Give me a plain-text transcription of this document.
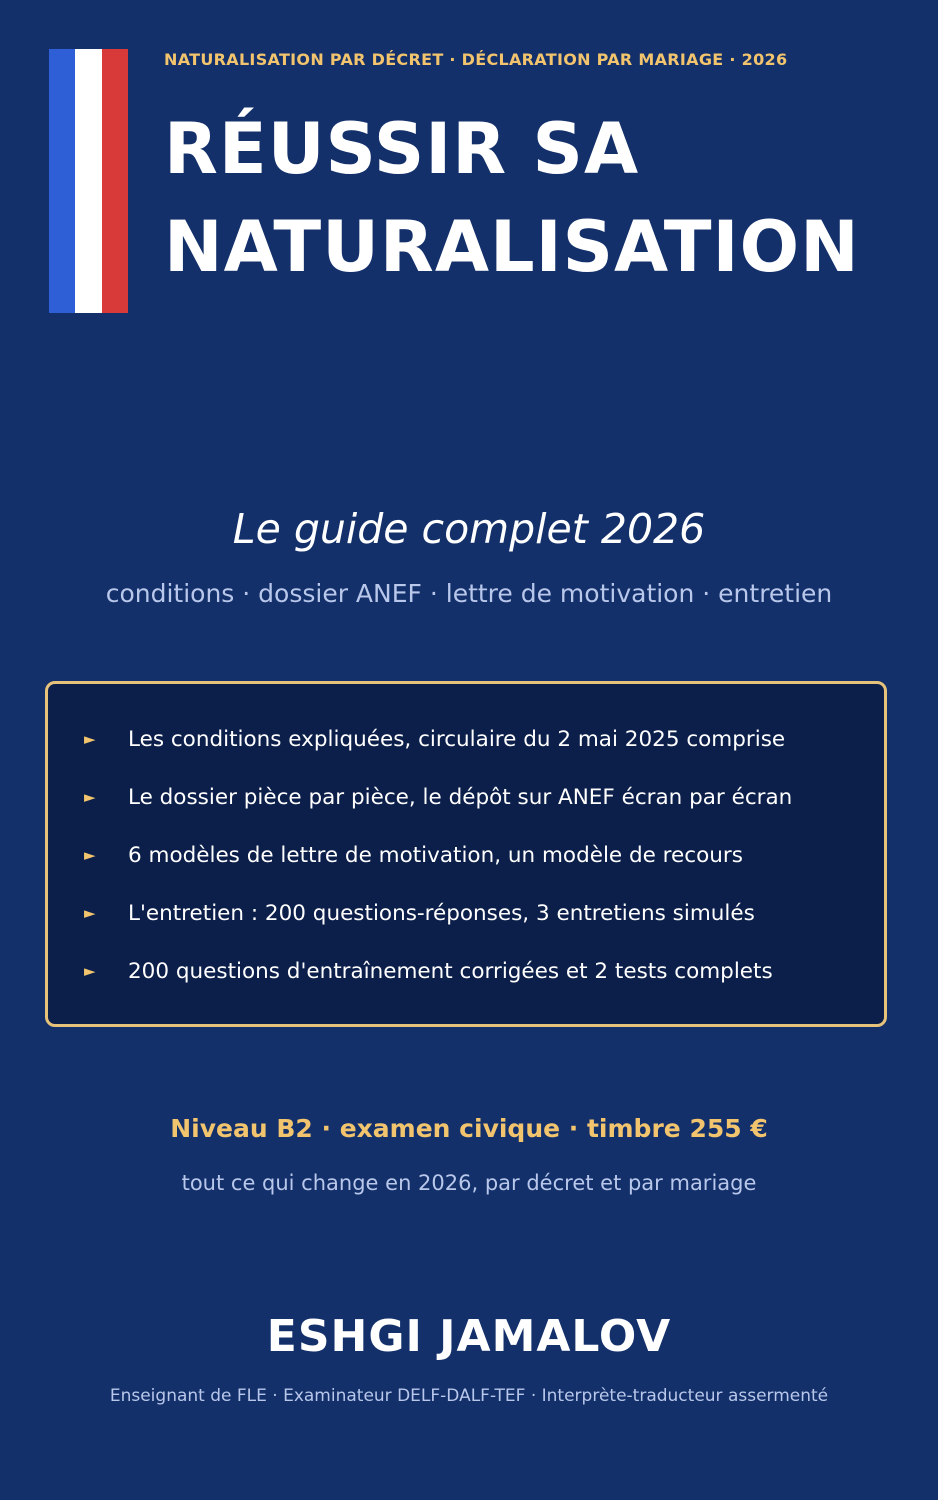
NATURALISATION PAR DÉCRET · DÉCLARATION PAR MARIAGE · 2026
RÉUSSIR SA
NATURALISATION
Le guide complet 2026
conditions · dossier ANEF · lettre de motivation · entretien
► Les conditions expliquées, circulaire du 2 mai 2025 comprise
► Le dossier pièce par pièce, le dépôt sur ANEF écran par écran
► 6 modèles de lettre de motivation, un modèle de recours
► L'entretien : 200 questions-réponses, 3 entretiens simulés
► 200 questions d'entraînement corrigées et 2 tests complets
Niveau B2 · examen civique · timbre 255 €
tout ce qui change en 2026, par décret et par mariage
ESHGI JAMALOV
Enseignant de FLE · Examinateur DELF-DALF-TEF · Interprète-traducteur assermenté
